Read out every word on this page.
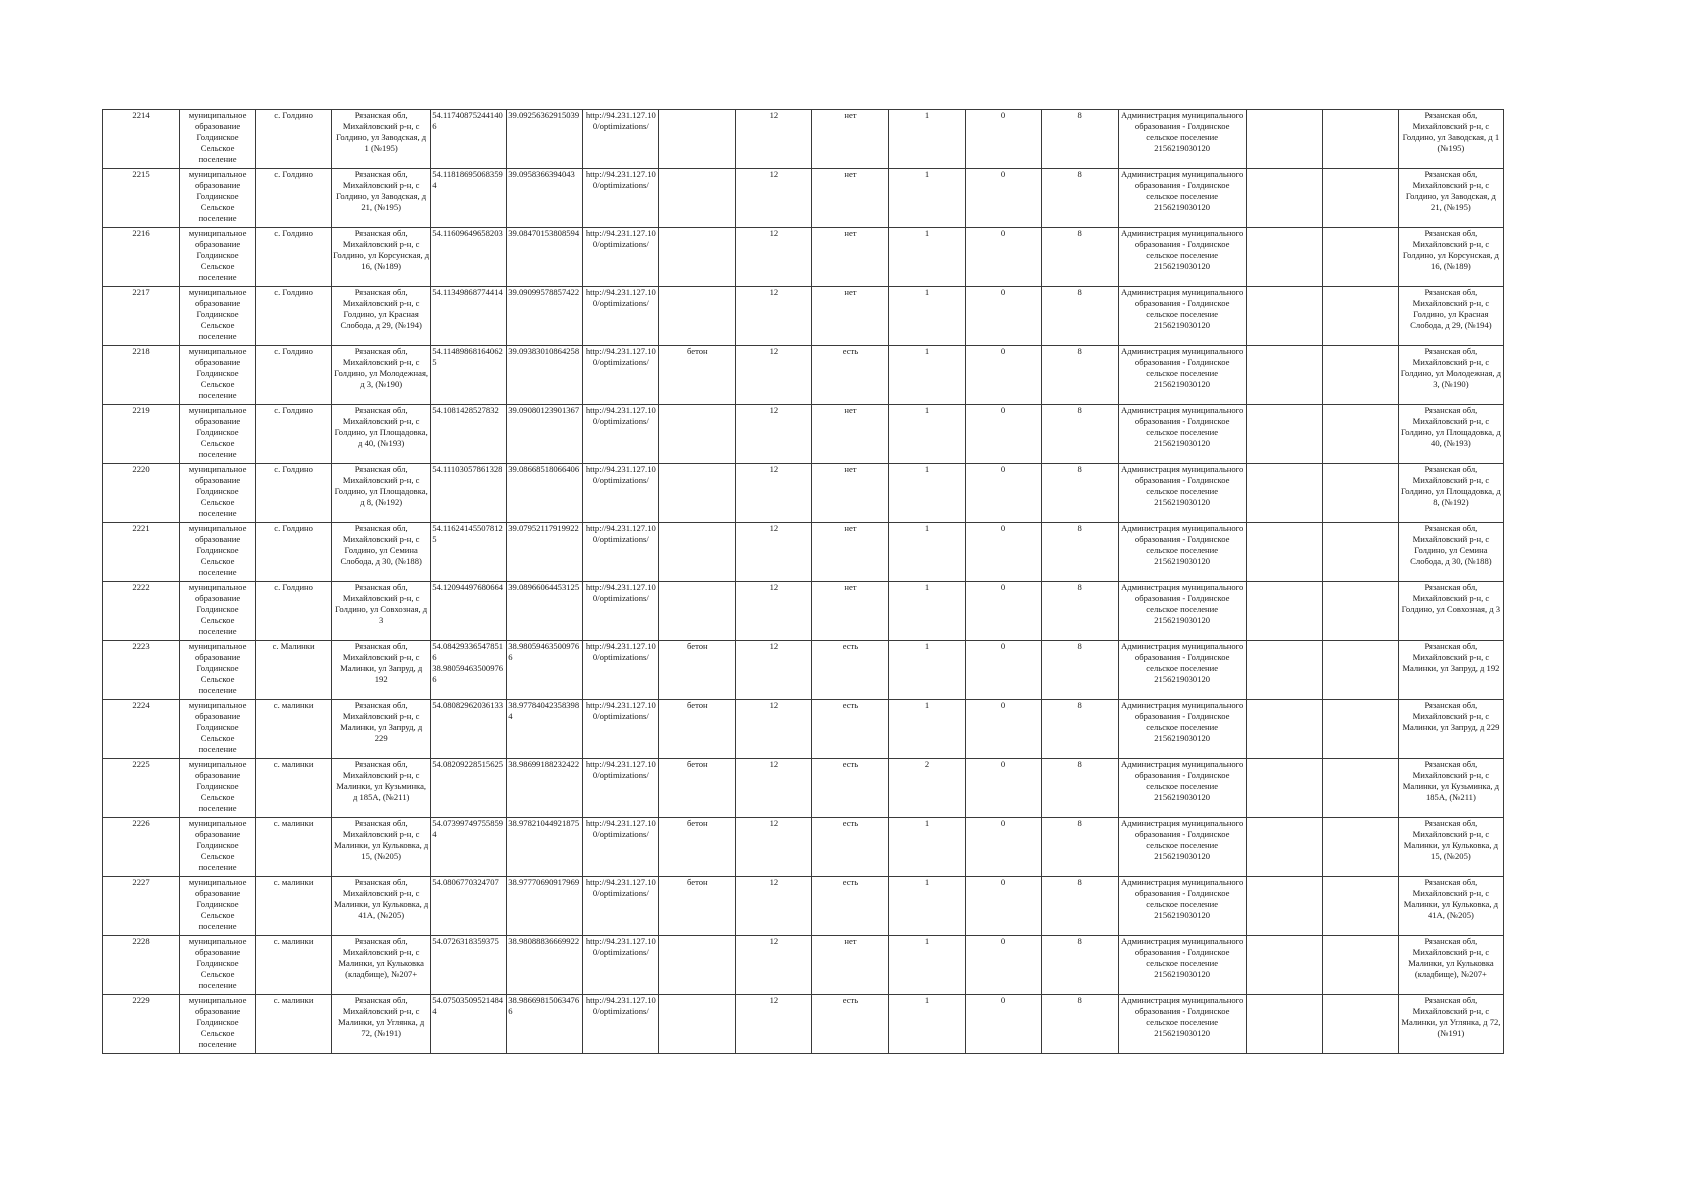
2214	муниципальное образование Голдинское Сельское поселение	с. Голдино	Рязанская обл, Михайловский р-н, с Голдино, ул Заводская, д 1 (№195)	54.11740875244140 6	39.09256362915039	http://94.231.127.10 0/optimizations/		12	нет	1	0	8	Администрация муниципального образования - Голдинское сельское поселение 2156219030120			Рязанская обл, Михайловский р-н, с Голдино, ул Заводская, д 1 (№195)
2215	муниципальное образование Голдинское Сельское поселение	с. Голдино	Рязанская обл, Михайловский р-н, с Голдино, ул Заводская, д 21, (№195)	54.11818695068359 4	39.0958366394043	http://94.231.127.10 0/optimizations/		12	нет	1	0	8	Администрация муниципального образования - Голдинское сельское поселение 2156219030120			Рязанская обл, Михайловский р-н, с Голдино, ул Заводская, д 21, (№195)
2216	муниципальное образование Голдинское Сельское поселение	с. Голдино	Рязанская обл, Михайловский р-н, с Голдино, ул Корсунская, д 16, (№189)	54.11609649658203	39.08470153808594	http://94.231.127.10 0/optimizations/		12	нет	1	0	8	Администрация муниципального образования - Голдинское сельское поселение 2156219030120			Рязанская обл, Михайловский р-н, с Голдино, ул Корсунская, д 16, (№189)
2217	муниципальное образование Голдинское Сельское поселение	с. Голдино	Рязанская обл, Михайловский р-н, с Голдино, ул Красная Слобода, д 29, (№194)	54.11349868774414	39.09099578857422	http://94.231.127.10 0/optimizations/		12	нет	1	0	8	Администрация муниципального образования - Голдинское сельское поселение 2156219030120			Рязанская обл, Михайловский р-н, с Голдино, ул Красная Слобода, д 29, (№194)
2218	муниципальное образование Голдинское Сельское поселение	с. Голдино	Рязанская обл, Михайловский р-н, с Голдино, ул Молодежная, д 3, (№190)	54.11489868164062 5	39.09383010864258	http://94.231.127.10 0/optimizations/	бетон	12	есть	1	0	8	Администрация муниципального образования - Голдинское сельское поселение 2156219030120			Рязанская обл, Михайловский р-н, с Голдино, ул Молодежная, д 3, (№190)
2219	муниципальное образование Голдинское Сельское поселение	с. Голдино	Рязанская обл, Михайловский р-н, с Голдино, ул Площадовка, д 40, (№193)	54.1081428527832	39.09080123901367	http://94.231.127.10 0/optimizations/		12	нет	1	0	8	Администрация муниципального образования - Голдинское сельское поселение 2156219030120			Рязанская обл, Михайловский р-н, с Голдино, ул Площадовка, д 40, (№193)
2220	муниципальное образование Голдинское Сельское поселение	с. Голдино	Рязанская обл, Михайловский р-н, с Голдино, ул Площадовка, д 8, (№192)	54.11103057861328	39.08668518066406	http://94.231.127.10 0/optimizations/		12	нет	1	0	8	Администрация муниципального образования - Голдинское сельское поселение 2156219030120			Рязанская обл, Михайловский р-н, с Голдино, ул Площадовка, д 8, (№192)
2221	муниципальное образование Голдинское Сельское поселение	с. Голдино	Рязанская обл, Михайловский р-н, с Голдино, ул Семина Слобода, д 30, (№188)	54.11624145507812 5	39.07952117919922	http://94.231.127.10 0/optimizations/		12	нет	1	0	8	Администрация муниципального образования - Голдинское сельское поселение 2156219030120			Рязанская обл, Михайловский р-н, с Голдино, ул Семина Слобода, д 30, (№188)
2222	муниципальное образование Голдинское Сельское поселение	с. Голдино	Рязанская обл, Михайловский р-н, с Голдино, ул Совхозная, д 3	54.12094497680664	39.08966064453125	http://94.231.127.10 0/optimizations/		12	нет	1	0	8	Администрация муниципального образования - Голдинское сельское поселение 2156219030120			Рязанская обл, Михайловский р-н, с Голдино, ул Совхозная, д 3
2223	муниципальное образование Голдинское Сельское поселение	с. Малинки	Рязанская обл, Михайловский р-н, с Малинки, ул Запруд, д 192	54.08429336547851 6 38.98059463500976 6	38.98059463500976 6	http://94.231.127.10 0/optimizations/	бетон	12	есть	1	0	8	Администрация муниципального образования - Голдинское сельское поселение 2156219030120			Рязанская обл, Михайловский р-н, с Малинки, ул Запруд, д 192
2224	муниципальное образование Голдинское Сельское поселение	с. малинки	Рязанская обл, Михайловский р-н, с Малинки, ул Запруд, д 229	54.08082962036133	38.97784042358398 4	http://94.231.127.10 0/optimizations/	бетон	12	есть	1	0	8	Администрация муниципального образования - Голдинское сельское поселение 2156219030120			Рязанская обл, Михайловский р-н, с Малинки, ул Запруд, д 229
2225	муниципальное образование Голдинское Сельское поселение	с. малинки	Рязанская обл, Михайловский р-н, с Малинки, ул Кузьминка, д 185А, (№211)	54.08209228515625	38.98699188232422	http://94.231.127.10 0/optimizations/	бетон	12	есть	2	0	8	Администрация муниципального образования - Голдинское сельское поселение 2156219030120			Рязанская обл, Михайловский р-н, с Малинки, ул Кузьминка, д 185А, (№211)
2226	муниципальное образование Голдинское Сельское поселение	с. малинки	Рязанская обл, Михайловский р-н, с Малинки, ул Кульковка, д 15, (№205)	54.07399749755859 4	38.97821044921875	http://94.231.127.10 0/optimizations/	бетон	12	есть	1	0	8	Администрация муниципального образования - Голдинское сельское поселение 2156219030120			Рязанская обл, Михайловский р-н, с Малинки, ул Кульковка, д 15, (№205)
2227	муниципальное образование Голдинское Сельское поселение	с. малинки	Рязанская обл, Михайловский р-н, с Малинки, ул Кульковка, д 41А, (№205)	54.0806770324707	38.97770690917969	http://94.231.127.10 0/optimizations/	бетон	12	есть	1	0	8	Администрация муниципального образования - Голдинское сельское поселение 2156219030120			Рязанская обл, Михайловский р-н, с Малинки, ул Кульковка, д 41А, (№205)
2228	муниципальное образование Голдинское Сельское поселение	с. малинки	Рязанская обл, Михайловский р-н, с Малинки, ул Кульковка (кладбище), №207+	54.0726318359375	38.98088836669922	http://94.231.127.10 0/optimizations/		12	нет	1	0	8	Администрация муниципального образования - Голдинское сельское поселение 2156219030120			Рязанская обл, Михайловский р-н, с Малинки, ул Кульковка (кладбище), №207+
2229	муниципальное образование Голдинское Сельское поселение	с. малинки	Рязанская обл, Михайловский р-н, с Малинки, ул Углянка, д 72, (№191)	54.07503509521484 4	38.98669815063476 6	http://94.231.127.10 0/optimizations/		12	есть	1	0	8	Администрация муниципального образования - Голдинское сельское поселение 2156219030120			Рязанская обл, Михайловский р-н, с Малинки, ул Углянка, д 72, (№191)
